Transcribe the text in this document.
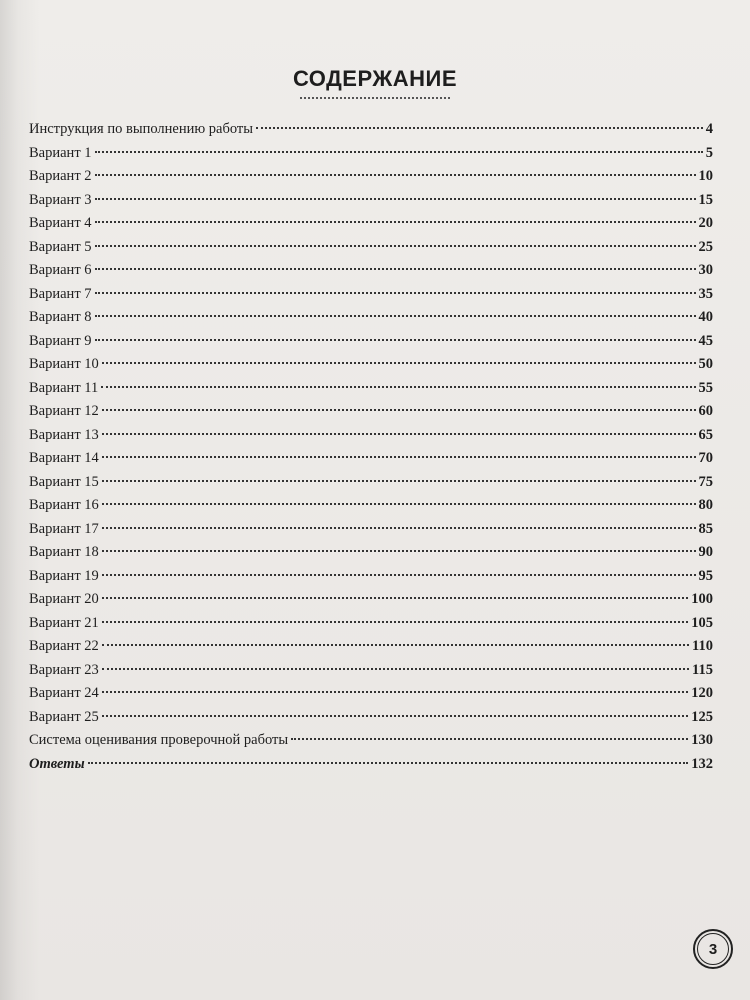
СОДЕРЖАНИЕ
Инструкция по выполнению работы	4
Вариант 1	5
Вариант 2	10
Вариант 3	15
Вариант 4	20
Вариант 5	25
Вариант 6	30
Вариант 7	35
Вариант 8	40
Вариант 9	45
Вариант 10	50
Вариант 11	55
Вариант 12	60
Вариант 13	65
Вариант 14	70
Вариант 15	75
Вариант 16	80
Вариант 17	85
Вариант 18	90
Вариант 19	95
Вариант 20	100
Вариант 21	105
Вариант 22	110
Вариант 23	115
Вариант 24	120
Вариант 25	125
Система оценивания проверочной работы	130
Ответы	132
3
